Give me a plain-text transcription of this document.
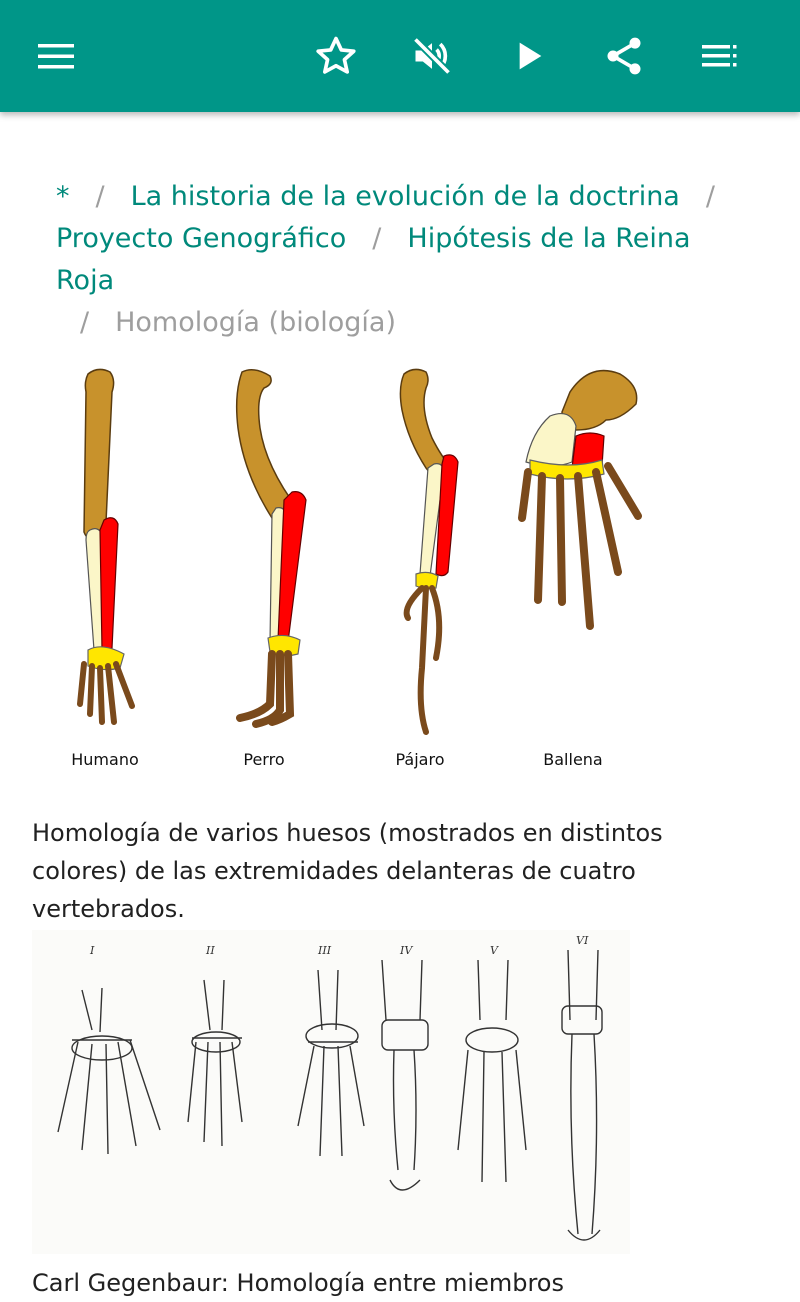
* / La historia de la evolución de la doctrina /
Proyecto Genográfico / Hipótesis de la Reina Roja
/ Homología (biología)
Humano	Perro	Pájaro	Ballena

Homología de varios huesos (mostrados en distintos colores) de las extremidades delanteras de cuatro vertebrados.

I	II	III	IV	V
VI

Carl Gegenbaur: Homología entre miembros
